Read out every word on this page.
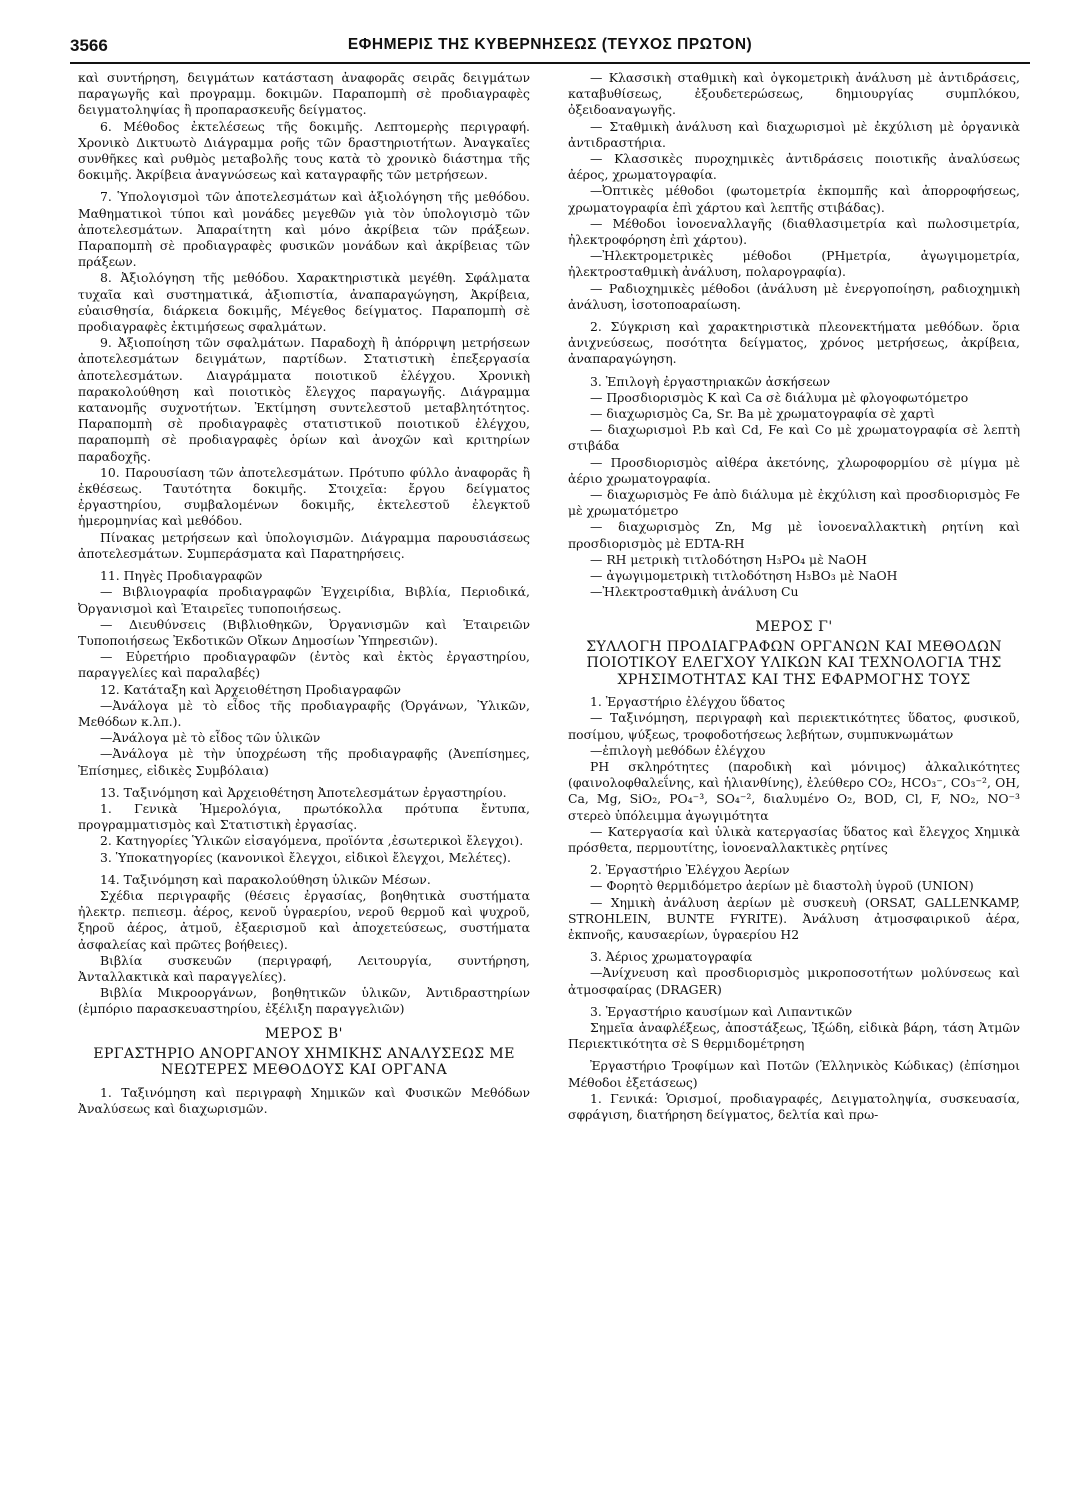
3566	ΕΦΗΜΕΡΙΣ ΤΗΣ ΚΥΒΕΡΝΗΣΕΩΣ (ΤΕΥΧΟΣ ΠΡΩΤΟΝ)

καὶ συντήρηση, δειγμάτων κατάσταση ἀναφορᾶς σειρᾶς δειγμάτων παραγωγῆς καὶ προγραμμ. δοκιμῶν. Παραπομπὴ σὲ προδιαγραφὲς δειγματοληψίας ἢ προπαρασκευῆς δείγματος.

6. Μέθοδος ἐκτελέσεως τῆς δοκιμῆς. Λεπτομερὴς περιγραφή. Χρονικὸ Δικτυωτὸ Διάγραμμα ροῆς τῶν δραστηριοτήτων. Ἀναγκαῖες συνθῆκες καὶ ρυθμὸς μεταβολῆς τους κατὰ τὸ χρονικὸ διάστημα τῆς δοκιμῆς. Ἀκρίβεια ἀναγνώσεως καὶ καταγραφῆς τῶν μετρήσεων.

7. Ὑπολογισμοὶ τῶν ἀποτελεσμάτων καὶ ἀξιολόγηση τῆς μεθόδου. Μαθηματικοὶ τύποι καὶ μονάδες μεγεθῶν γιὰ τὸν ὑπολογισμὸ τῶν ἀποτελεσμάτων. Ἀπαραίτητη καὶ μόνο ἀκρίβεια τῶν πράξεων. Παραπομπὴ σὲ προδιαγραφὲς φυσικῶν μονάδων καὶ ἀκρίβειας τῶν πράξεων.

8. Ἀξιολόγηση τῆς μεθόδου. Χαρακτηριστικὰ μεγέθη. Σφάλματα τυχαῖα καὶ συστηματικά, ἀξιοπιστία, ἀναπαραγώγηση, Ἀκρίβεια, εὐαισθησία, διάρκεια δοκιμῆς, Μέγεθος δείγματος. Παραπομπὴ σὲ προδιαγραφὲς ἐκτιμήσεως σφαλμάτων.

9. Ἀξιοποίηση τῶν σφαλμάτων. Παραδοχὴ ἢ ἀπόρριψη μετρήσεων ἀποτελεσμάτων δειγμάτων, παρτίδων. Στατιστικὴ ἐπεξεργασία ἀποτελεσμάτων. Διαγράμματα ποιοτικοῦ ἐλέγχου. Χρονικὴ παρακολούθηση καὶ ποιοτικὸς ἔλεγχος παραγωγῆς. Διάγραμμα κατανομῆς συχνοτήτων. Ἐκτίμηση συντελεστοῦ μεταβλητότητος. Παραπομπὴ σὲ προδιαγραφὲς στατιστικοῦ ποιοτικοῦ ἐλέγχου, παραπομπὴ σὲ προδιαγραφὲς ὁρίων καὶ ἀνοχῶν καὶ κριτηρίων παραδοχῆς.

10. Παρουσίαση τῶν ἀποτελεσμάτων. Πρότυπο φύλλο ἀναφορᾶς ἢ ἐκθέσεως. Ταυτότητα δοκιμῆς. Στοιχεῖα: ἔργου δείγματος ἐργαστηρίου, συμβαλομένων δοκιμῆς, ἐκτελεστοῦ ἐλεγκτοῦ ἡμερομηνίας καὶ μεθόδου.

Πίνακας μετρήσεων καὶ ὑπολογισμῶν. Διάγραμμα παρουσιάσεως ἀποτελεσμάτων. Συμπεράσματα καὶ Παρατηρήσεις.

11. Πηγὲς Προδιαγραφῶν

— Βιβλιογραφία προδιαγραφῶν Ἐγχειρίδια, Βιβλία, Περιοδικά, Ὀργανισμοὶ καὶ Ἑταιρεῖες τυποποιήσεως.

— Διευθύνσεις (Βιβλιοθηκῶν, Ὀργανισμῶν καὶ Ἑταιρειῶν Τυποποιήσεως Ἐκδοτικῶν Οἴκων Δημοσίων Ὑπηρεσιῶν).

— Εὑρετήριο προδιαγραφῶν (ἐντὸς καὶ ἐκτὸς ἐργαστηρίου, παραγγελίες καὶ παραλαβές)

12. Κατάταξη καὶ Ἀρχειοθέτηση Προδιαγραφῶν

—Ἀνάλογα μὲ τὸ εἶδος τῆς προδιαγραφῆς (Ὀργάνων, Ὑλικῶν, Μεθόδων κ.λπ.).

—Ἀνάλογα μὲ τὸ εἶδος τῶν ὑλικῶν

—Ἀνάλογα μὲ τὴν ὑποχρέωση τῆς προδιαγραφῆς (Ἀνεπίσημες, Ἐπίσημες, εἰδικὲς Συμβόλαια)

13. Ταξινόμηση καὶ Ἀρχειοθέτηση Ἀποτελεσμάτων ἐργαστηρίου.

1. Γενικὰ Ἡμερολόγια, πρωτόκολλα πρότυπα ἔντυπα, προγραμματισμὸς καὶ Στατιστικὴ ἐργασίας.

2. Κατηγορίες Ὑλικῶν εἰσαγόμενα, προϊόντα ,ἐσωτερικοὶ ἔλεγχοι).

3. Ὑποκατηγορίες (κανονικοὶ ἔλεγχοι, εἰδικοὶ ἔλεγχοι, Μελέτες).

14. Ταξινόμηση καὶ παρακολούθηση ὑλικῶν Μέσων.

Σχέδια περιγραφῆς (θέσεις ἐργασίας, βοηθητικὰ συστήματα ἠλεκτρ. πεπιεσμ. ἀέρος, κενοῦ ὑγραερίου, νεροῦ θερμοῦ καὶ ψυχροῦ, ξηροῦ ἀέρος, ἀτμοῦ, ἐξαερισμοῦ καὶ ἀποχετεύσεως, συστήματα ἀσφαλείας καὶ πρῶτες βοήθειες).

Βιβλία συσκευῶν (περιγραφή, Λειτουργία, συντήρηση, Ἀνταλλακτικὰ καὶ παραγγελίες).

Βιβλία Μικροοργάνων, βοηθητικῶν ὑλικῶν, Ἀντιδραστηρίων (ἐμπόριο παρασκευαστηρίου, ἐξέλιξη παραγγελιῶν)

ΜΕΡΟΣ Β'
ΕΡΓΑΣΤΗΡΙΟ ΑΝΟΡΓΑΝΟΥ ΧΗΜΙΚΗΣ ΑΝΑΛΥΣΕΩΣ ΜΕ ΝΕΩΤΕΡΕΣ ΜΕΘΟΔΟΥΣ ΚΑΙ ΟΡΓΑΝΑ

1. Ταξινόμηση καὶ περιγραφὴ Χημικῶν καὶ Φυσικῶν Μεθόδων Ἀναλύσεως καὶ διαχωρισμῶν.

— Κλασσικὴ σταθμικὴ καὶ ὀγκομετρικὴ ἀνάλυση μὲ ἀντιδράσεις, καταβυθίσεως, ἐξουδετερώσεως, δημιουργίας συμπλόκου, ὀξειδοαναγωγῆς.

— Σταθμικὴ ἀνάλυση καὶ διαχωρισμοὶ μὲ ἐκχύλιση μὲ ὀργανικὰ ἀντιδραστήρια.

— Κλασσικὲς πυροχημικὲς ἀντιδράσεις ποιοτικῆς ἀναλύσεως ἀέρος, χρωματογραφία.

—Ὀπτικὲς μέθοδοι (φωτομετρία ἐκπομπῆς καὶ ἀπορροφήσεως, χρωματογραφία ἐπὶ χάρτου καὶ λεπτῆς στιβάδας).

— Μέθοδοι ἰονοεναλλαγῆς (διαθλασιμετρία καὶ πωλοσιμετρία, ἠλεκτροφόρηση ἐπὶ χάρτου).

—Ἠλεκτρομετρικὲς μέθοδοι (PHμετρία, ἀγωγιμομετρία, ἠλεκτροσταθμικὴ ἀνάλυση, πολαρογραφία).

— Ραδιοχημικὲς μέθοδοι (ἀνάλυση μὲ ἐνεργοποίηση, ραδιοχημικὴ ἀνάλυση, ἰσοτοποαραίωση.

2. Σύγκριση καὶ χαρακτηριστικὰ πλεονεκτήματα μεθόδων. ὅρια ἀνιχνεύσεως, ποσότητα δείγματος, χρόνος μετρήσεως, ἀκρίβεια, ἀναπαραγώγηση.

3. Ἐπιλογὴ ἐργαστηριακῶν ἀσκήσεων

— Προσδιορισμὸς K καὶ Ca σὲ διάλυμα μὲ φλογοφωτόμετρο

— διαχωρισμὸς Ca, Sr. Ba μὲ χρωματογραφία σὲ χαρτὶ

— διαχωρισμοὶ P.b καὶ Cd, Fe καὶ Co μὲ χρωματογραφία σὲ λεπτὴ στιβάδα

— Προσδιορισμὸς αἰθέρα ἀκετόνης, χλωροφορμίου σὲ μίγμα μὲ ἀέριο χρωματογραφία.

— διαχωρισμὸς Fe ἀπὸ διάλυμα μὲ ἐκχύλιση καὶ προσδιορισμὸς Fe μὲ χρωματόμετρο

— διαχωρισμὸς Zn, Mg μὲ ἰονοεναλλακτικὴ ρητίνη καὶ προσδιορισμὸς μὲ EDTA-RH

— RH μετρικὴ τιτλοδότηση H₃PO₄ μὲ NaOH

— ἀγωγιμομετρικὴ τιτλοδότηση H₃BO₃ μὲ NaOH

—Ἠλεκτροσταθμικὴ ἀνάλυση Cu

ΜΕΡΟΣ Γ'
ΣΥΛΛΟΓΗ ΠΡΟΔΙΑΓΡΑΦΩΝ ΟΡΓΑΝΩΝ ΚΑΙ ΜΕΘΟΔΩΝ ΠΟΙΟΤΙΚΟΥ ΕΛΕΓΧΟΥ ΥΛΙΚΩΝ ΚΑΙ ΤΕΧΝΟΛΟΓΙΑ ΤΗΣ ΧΡΗΣΙΜΟΤΗΤΑΣ ΚΑΙ ΤΗΣ ΕΦΑΡΜΟΓΗΣ ΤΟΥΣ

1. Ἐργαστήριο ἐλέγχου ὕδατος

— Ταξινόμηση, περιγραφὴ καὶ περιεκτικότητες ὕδατος, φυσικοῦ, ποσίμου, ψύξεως, τροφοδοτήσεως λεβήτων, συμπυκνωμάτων

—ἐπιλογὴ μεθόδων ἐλέγχου

PH σκληρότητες (παροδικὴ καὶ μόνιμος) ἀλκαλικότητες (φαινολοφθαλεΐνης, καὶ ἡλιανθίνης), ἐλεύθερο CO₂, HCO₃⁻, CO₃⁻², OH, Ca, Mg, SiO₂, PO₄⁻³, SO₄⁻², διαλυμένο O₂, BOD, Cl, F, NO₂, NO⁻³ στερεὸ ὑπόλειμμα ἀγωγιμότητα

— Κατεργασία καὶ ὑλικὰ κατεργασίας ὕδατος καὶ ἔλεγχος Χημικὰ πρόσθετα, περμουτίτης, ἰονοεναλλακτικὲς ρητίνες

2. Ἐργαστήριο Ἐλέγχου Ἀερίων

— Φορητὸ θερμιδόμετρο ἀερίων μὲ διαστολὴ ὑγροῦ (UNION)

— Χημικὴ ἀνάλυση ἀερίων μὲ συσκευὴ (ORSAT, GALLENKAMP, STROHLEIN, BUNTE FYRITE). Ἀνάλυση ἀτμοσφαιρικοῦ ἀέρα, ἐκπνοῆς, καυσαερίων, ὑγραερίου H2

3. Ἀέριος χρωματογραφία

—Ἀνίχνευση καὶ προσδιορισμὸς μικροποσοτήτων μολύνσεως καὶ ἀτμοσφαίρας (DRAGER)

3. Ἐργαστήριο καυσίμων καὶ Λιπαντικῶν

Σημεῖα ἀναφλέξεως, ἀποστάξεως, Ἰξώδη, εἰδικὰ βάρη, τάση Ἀτμῶν Περιεκτικότητα σὲ S θερμιδομέτρηση

Ἐργαστήριο Τροφίμων καὶ Ποτῶν (Ἑλληνικὸς Κώδικας) (ἐπίσημοι Μέθοδοι ἐξετάσεως)

1. Γενικά: Ὁρισμοί, προδιαγραφές, Δειγματοληψία, συσκευασία, σφράγιση, διατήρηση δείγματος, δελτία καὶ πρω-
